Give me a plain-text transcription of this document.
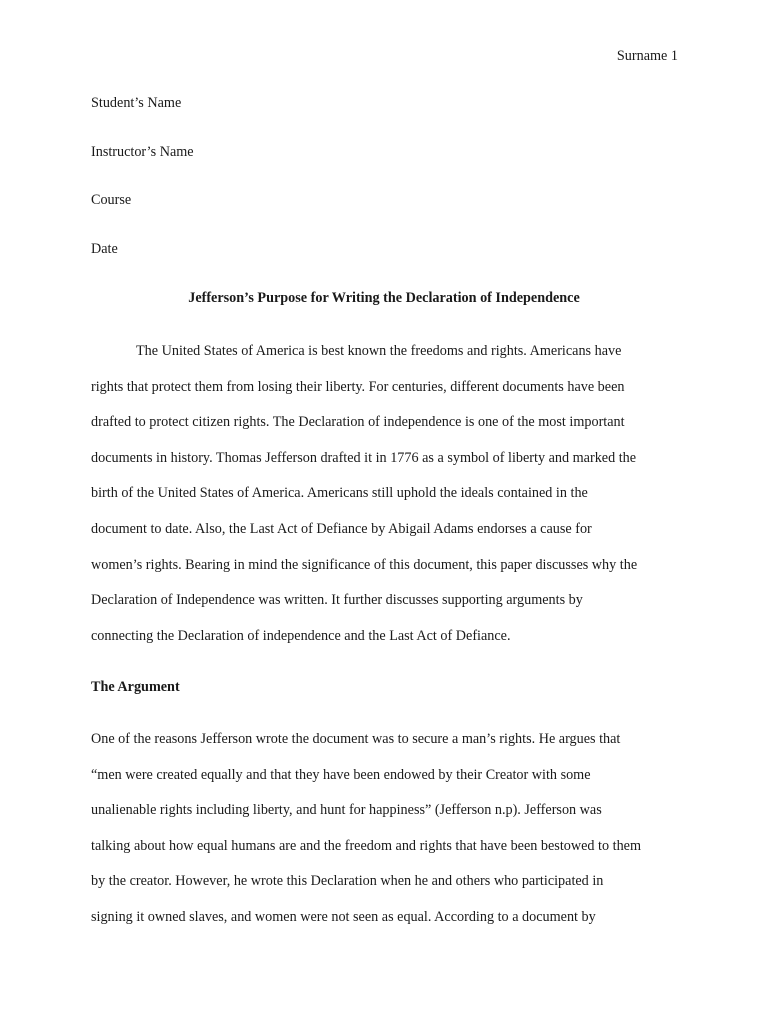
Surname 1
Student’s Name
Instructor’s Name
Course
Date
Jefferson’s Purpose for Writing the Declaration of Independence
The United States of America is best known the freedoms and rights. Americans have
rights that protect them from losing their liberty. For centuries, different documents have been
drafted to protect citizen rights. The Declaration of independence is one of the most important
documents in history. Thomas Jefferson drafted it in 1776 as a symbol of liberty and marked the
birth of the United States of America. Americans still uphold the ideals contained in the
document to date. Also, the Last Act of Defiance by Abigail Adams endorses a cause for
women’s rights. Bearing in mind the significance of this document, this paper discusses why the
Declaration of Independence was written. It further discusses supporting arguments by
connecting the Declaration of independence and the Last Act of Defiance.
The Argument
One of the reasons Jefferson wrote the document was to secure a man’s rights. He argues that
“men were created equally and that they have been endowed by their Creator with some
unalienable rights including liberty, and hunt for happiness” (Jefferson n.p). Jefferson was
talking about how equal humans are and the freedom and rights that have been bestowed to them
by the creator. However, he wrote this Declaration when he and others who participated in
signing it owned slaves, and women were not seen as equal. According to a document by
